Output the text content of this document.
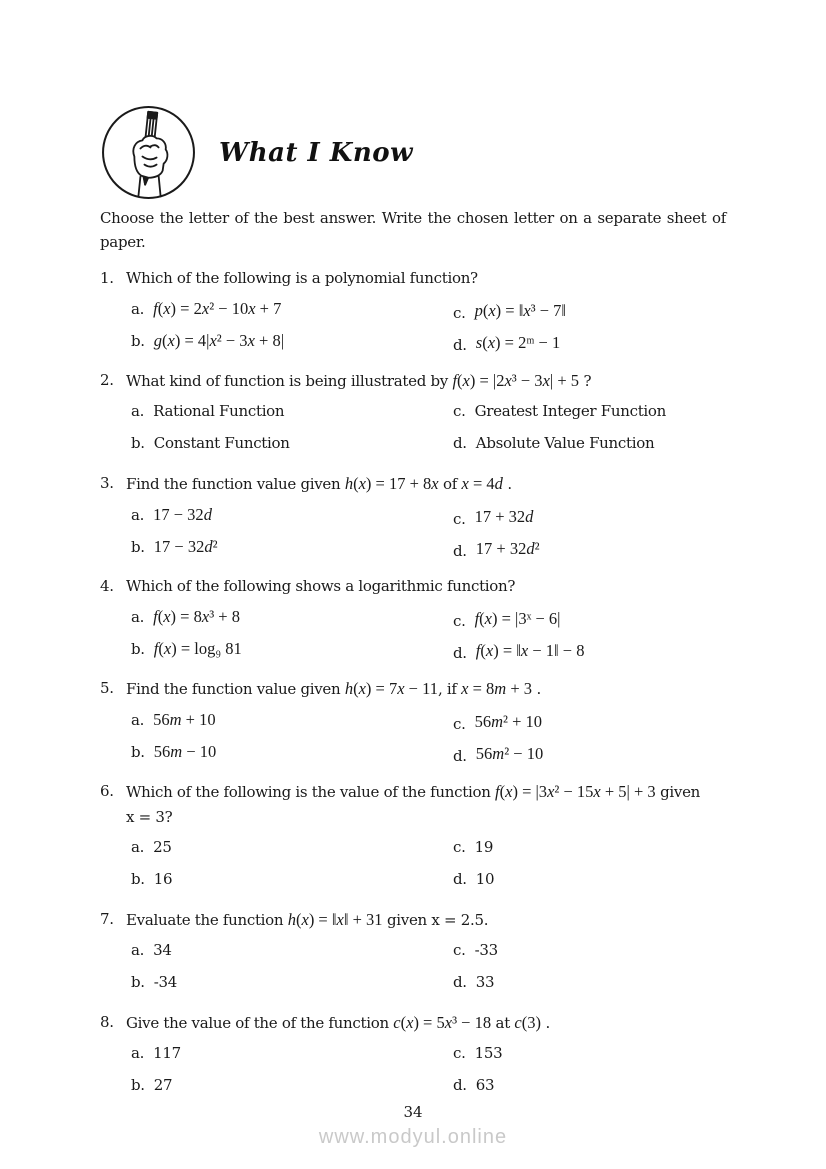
What I Know

Choose the letter of the best answer. Write the chosen letter on a separate sheet of paper.

1. Which of the following is a polynomial function?
a. f(x) = 2x² − 10x + 7	c. p(x) = ‖x³ − 7‖
b. g(x) = 4|x² − 3x + 8|	d. s(x) = 2ᵐ − 1
2. What kind of function is being illustrated by f(x) = |2x³ − 3x| + 5 ?
a. Rational Function	c. Greatest Integer Function
b. Constant Function	d. Absolute Value Function
3. Find the function value given h(x) = 17 + 8x of x = 4d .
a. 17 − 32d	c. 17 + 32d
b. 17 − 32d²	d. 17 + 32d²
4. Which of the following shows a logarithmic function?
a. f(x) = 8x³ + 8	c. f(x) = |3ˣ − 6|
b. f(x) = log₉ 81	d. f(x) = ‖x − 1‖ − 8
5. Find the function value given h(x) = 7x − 11, if x = 8m + 3 .
a. 56m + 10	c. 56m² + 10
b. 56m − 10	d. 56m² − 10
6. Which of the following is the value of the function f(x) = |3x² − 15x + 5| + 3 given
x = 3?
a. 25	c. 19
b. 16	d. 10
7. Evaluate the function h(x) = ‖x‖ + 31 given x = 2.5.
a. 34	c. -33
b. -34	d. 33
8. Give the value of the of the function c(x) = 5x³ − 18 at c(3) .
a. 117	c. 153
b. 27	d. 63
34
www.modyul.online
